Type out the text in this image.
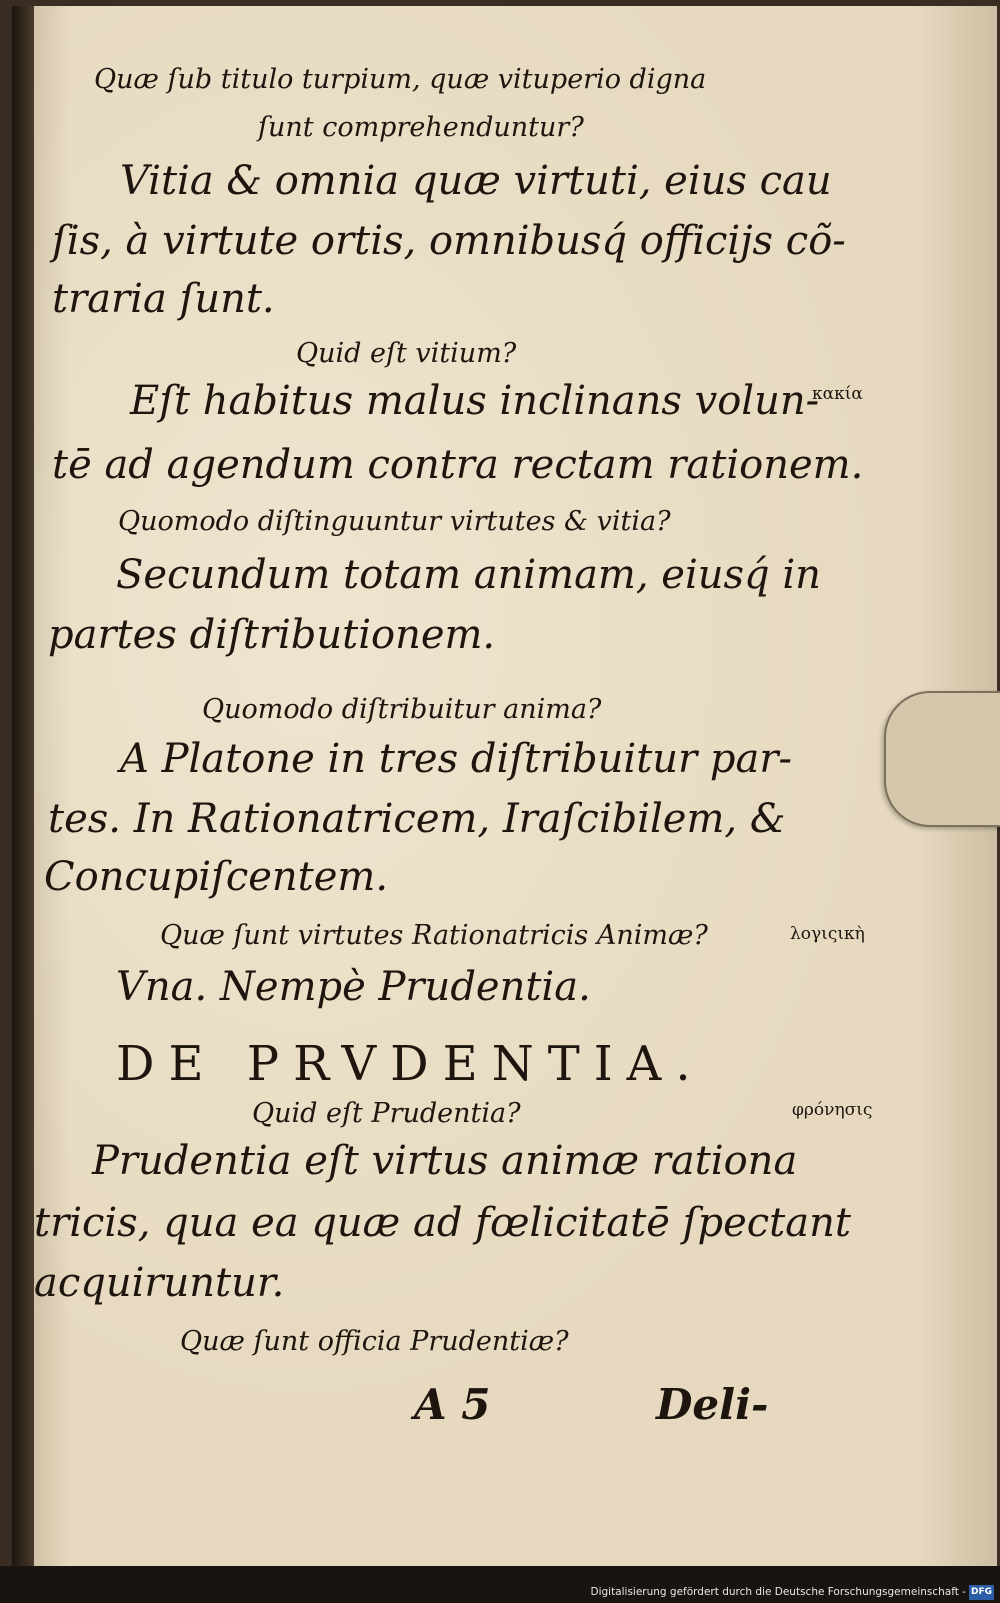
Quæ ſub titulo turpium, quæ vituperio digna
ſunt comprehenduntur?
Vitia & omnia quæ virtuti, eius cau
ſis, à virtute ortis, omnibusq́ officijs cõ-
traria ſunt.
Quid eſt vitium?
Eſt habitus malus inclinans volun-
tē ad agendum contra rectam rationem.
Quomodo diſtinguuntur virtutes & vitia?
Secundum totam animam, eiusq́ in
partes diſtributionem.
Quomodo diſtribuitur anima?
A Platone in tres diſtribuitur par-
tes. In Rationatricem, Iraſcibilem, &
Concupiſcentem.
Quæ ſunt virtutes Rationatricis Animæ?
Vna. Nempè Prudentia.
DE PRVDENTIA.
Quid eſt Prudentia?
Prudentia eſt virtus animæ rationa
tricis, qua ea quæ ad fœlicitatē ſpectant
acquiruntur.
Quæ ſunt officia Prudentiæ?
κακία
λογιςικὴ
φρόνησις
A 5	Deli-
Digitalisierung gefördert durch die Deutsche Forschungsgemeinschaft - DFG
